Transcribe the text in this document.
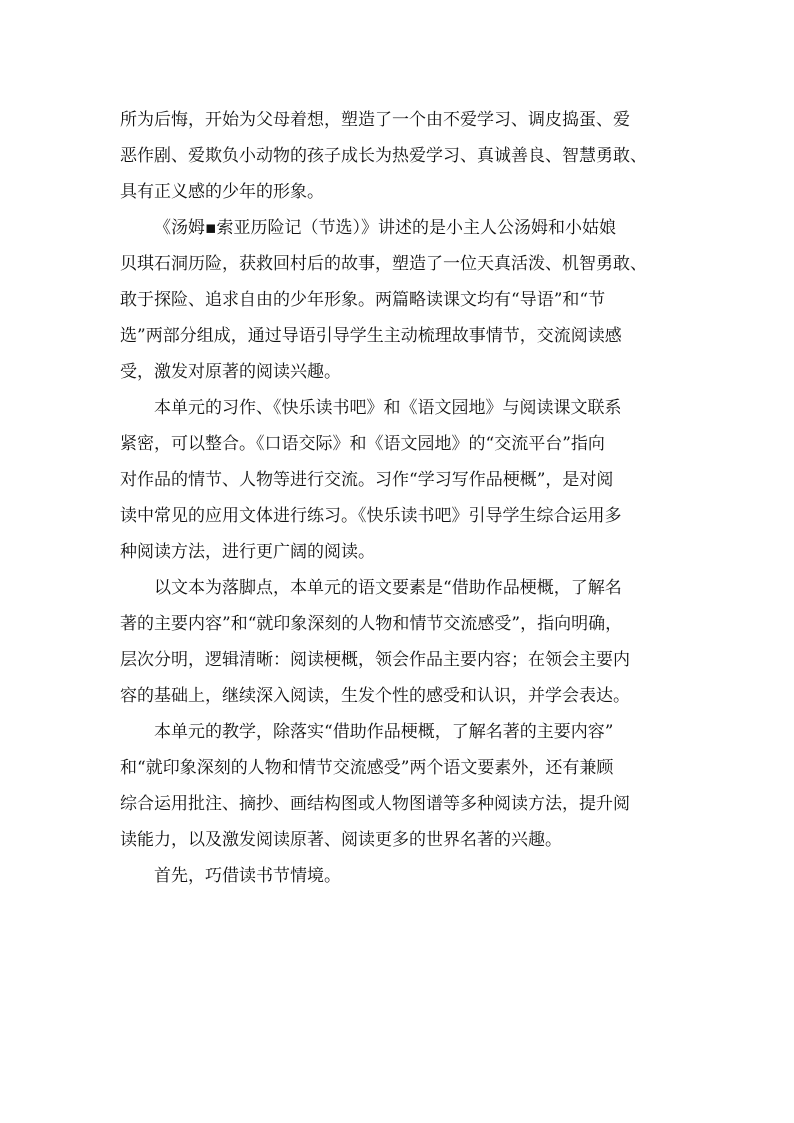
所为后悔，开始为父母着想，塑造了一个由不爱学习、调皮捣蛋、爱
恶作剧、爱欺负小动物的孩子成长为热爱学习、真诚善良、智慧勇敢、
具有正义感的少年的形象。
《汤姆▪索亚历险记（节选）》讲述的是小主人公汤姆和小姑娘
贝琪石洞历险，获救回村后的故事，塑造了一位天真活泼、机智勇敢、
敢于探险、追求自由的少年形象。两篇略读课文均有“导语”和“节
选”两部分组成，通过导语引导学生主动梳理故事情节，交流阅读感
受，激发对原著的阅读兴趣。
本单元的习作、《快乐读书吧》和《语文园地》与阅读课文联系
紧密，可以整合。《口语交际》和《语文园地》的“交流平台”指向
对作品的情节、人物等进行交流。习作“学习写作品梗概”，是对阅
读中常见的应用文体进行练习。《快乐读书吧》引导学生综合运用多
种阅读方法，进行更广阔的阅读。
以文本为落脚点，本单元的语文要素是“借助作品梗概，了解名
著的主要内容”和“就印象深刻的人物和情节交流感受”，指向明确，
层次分明，逻辑清晰：阅读梗概，领会作品主要内容；在领会主要内
容的基础上，继续深入阅读，生发个性的感受和认识，并学会表达。
本单元的教学，除落实“借助作品梗概，了解名著的主要内容”
和“就印象深刻的人物和情节交流感受”两个语文要素外，还有兼顾
综合运用批注、摘抄、画结构图或人物图谱等多种阅读方法，提升阅
读能力，以及激发阅读原著、阅读更多的世界名著的兴趣。
首先，巧借读书节情境。
